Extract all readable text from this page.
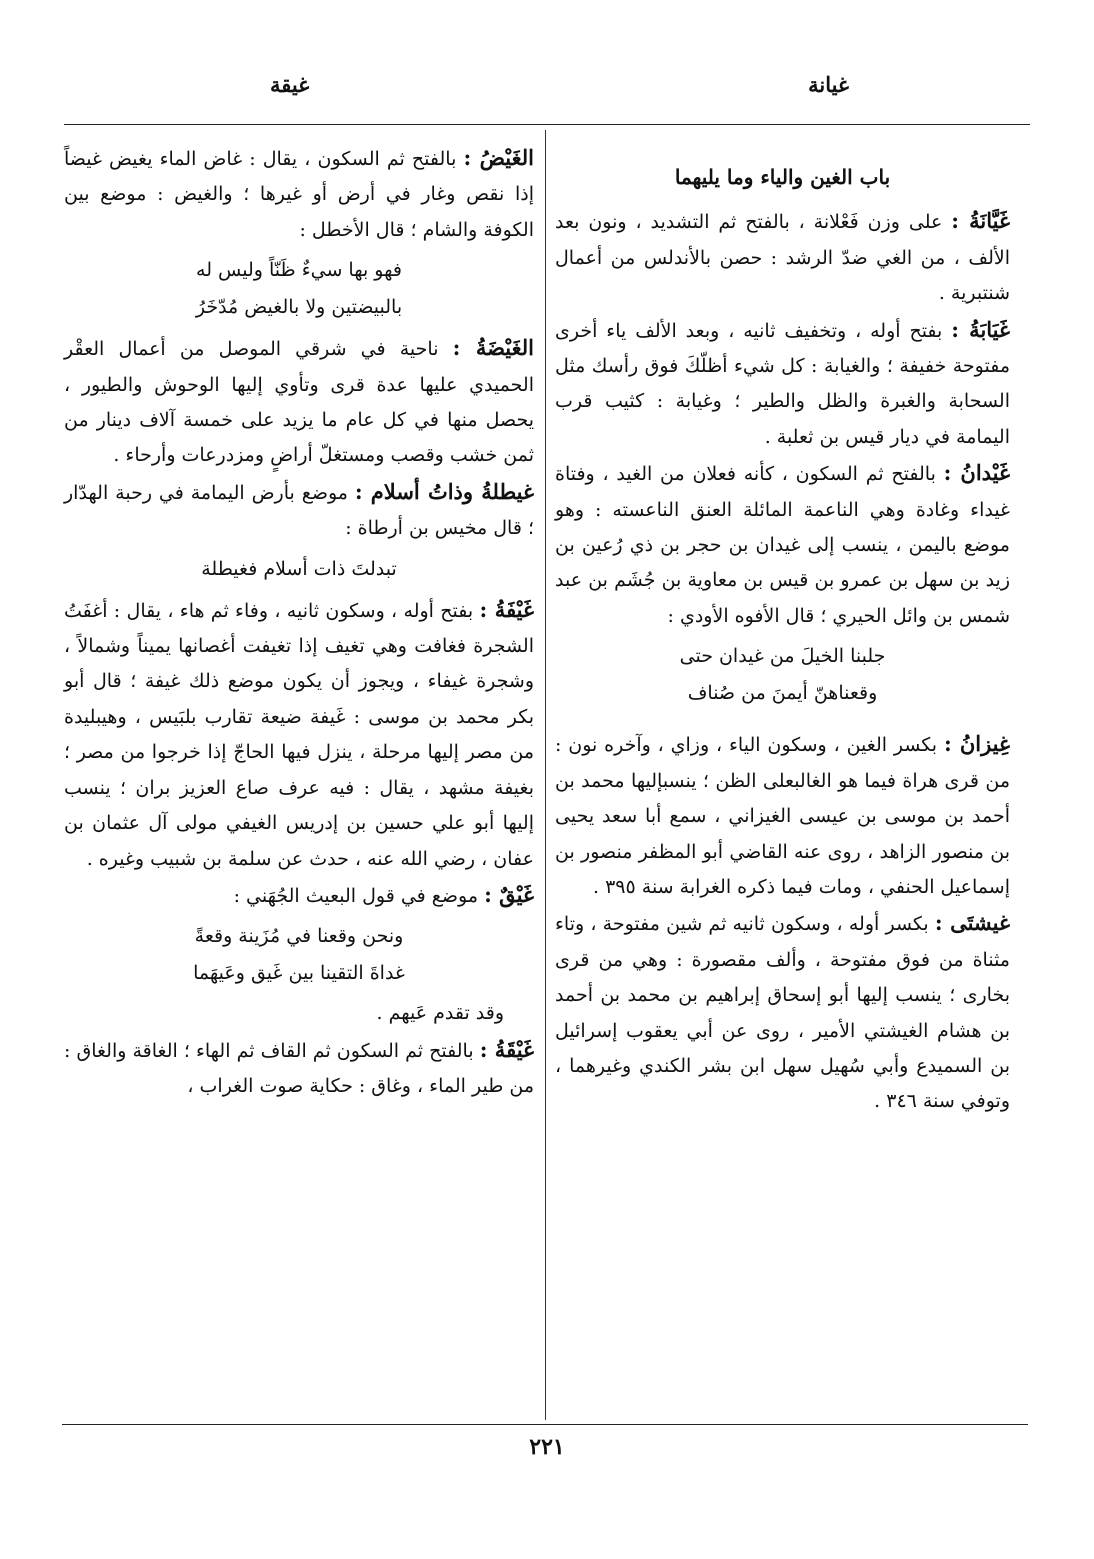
غيانة
غيقة
باب الغين والياء وما يليهما

غَيَّانَةُ : على وزن فَعْلانة ، بالفتح ثم التشديد ، ونون بعد الألف ، من الغي ضدّ الرشد : حصن بالأندلس من أعمال شنتبرية .

غَيَابَةُ : بفتح أوله ، وتخفيف ثانيه ، وبعد الألف ياء أخرى مفتوحة خفيفة ؛ والغيابة : كل شيء أظلّكَ فوق رأسك مثل السحابة والغبرة والظل والطير ؛ وغيابة : كثيب قرب اليمامة في ديار قيس بن ثعلبة .

غَيْدانُ : بالفتح ثم السكون ، كأنه فعلان من الغيد ، وفتاة غيداء وغادة وهي الناعمة المائلة العنق الناعسته : وهو موضع باليمن ، ينسب إلى غيدان بن حجر بن ذي رُعين بن زيد بن سهل بن عمرو بن قيس بن معاوية بن جُشَم بن عبد شمس بن وائل الحيري ؛ قال الأفوه الأودي :

جلبنا الخيلَ من غيدان حتى

وقعناهنّ أيمنَ من صُناف

غِيزانُ : بكسر الغين ، وسكون الياء ، وزاي ، وآخره نون : من قرى هراة فيما هو الغالبعلى الظن ؛ ينسبإليها محمد بن أحمد بن موسى بن عيسى الغيزاني ، سمع أبا سعد يحيى بن منصور الزاهد ، روى عنه القاضي أبو المظفر منصور بن إسماعيل الحنفي ، ومات فيما ذكره الغرابة سنة ٣٩٥ .

غيشتَى : بكسر أوله ، وسكون ثانيه ثم شين مفتوحة ، وتاء مثناة من فوق مفتوحة ، وألف مقصورة : وهي من قرى بخارى ؛ ينسب إليها أبو إسحاق إبراهيم بن محمد بن أحمد بن هشام الغيشتي الأمير ، روى عن أبي يعقوب إسرائيل بن السميدع وأبي سُهيل سهل ابن بشر الكندي وغيرهما ، وتوفي سنة ٣٤٦ .

الغَيْضُ : بالفتح ثم السكون ، يقال : غاض الماء يغيض غيضاً إذا نقص وغار في أرض أو غيرها ؛ والغيض : موضع بين الكوفة والشام ؛ قال الأخطل :

فهو بها سيءٌ ظَنّاً وليس له

بالبيضتين ولا بالغيض مُدّخَرُ

الغَيْضَةُ : ناحية في شرقي الموصل من أعمال العقْر الحميدي عليها عدة قرى وتأوي إليها الوحوش والطيور ، يحصل منها في كل عام ما يزيد على خمسة آلاف دينار من ثمن خشب وقصب ومستغلّ أراضٍ ومزدرعات وأرحاء .

غيطلةُ وذاتُ أسلام : موضع بأرض اليمامة في رحبة الهدّار ؛ قال مخيس بن أرطاة :

تبدلتَ ذات أسلام فغيطلة

غَيْفَةُ : بفتح أوله ، وسكون ثانيه ، وفاء ثم هاء ، يقال : أغفَتُ الشجرة فغافت وهي تغيف إذا تغيفت أغصانها يميناً وشمالاً ، وشجرة غيفاء ، ويجوز أن يكون موضع ذلك غيفة ؛ قال أبو بكر محمد بن موسى : غَيفة ضيعة تقارب بلبَيس ، وهيبليدة من مصر إليها مرحلة ، ينزل فيها الحاجّ إذا خرجوا من مصر ؛ بغيفة مشهد ، يقال : فيه عرف صاع العزيز بران ؛ ينسب إليها أبو علي حسين بن إدريس الغيفي مولى آل عثمان بن عفان ، رضي الله عنه ، حدث عن سلمة بن شبيب وغيره .

غَيْقٌ : موضع في قول البعيث الجُهَني :

ونحن وقعنا في مُزَينة وقعةً

غداةَ التقينا بين غَيق وعَيهَما

وقد تقدم عَيهم .

غَيْقَةُ : بالفتح ثم السكون ثم القاف ثم الهاء ؛ الغاقة والغاق : من طير الماء ، وغاق : حكاية صوت الغراب ،

٢٢١
